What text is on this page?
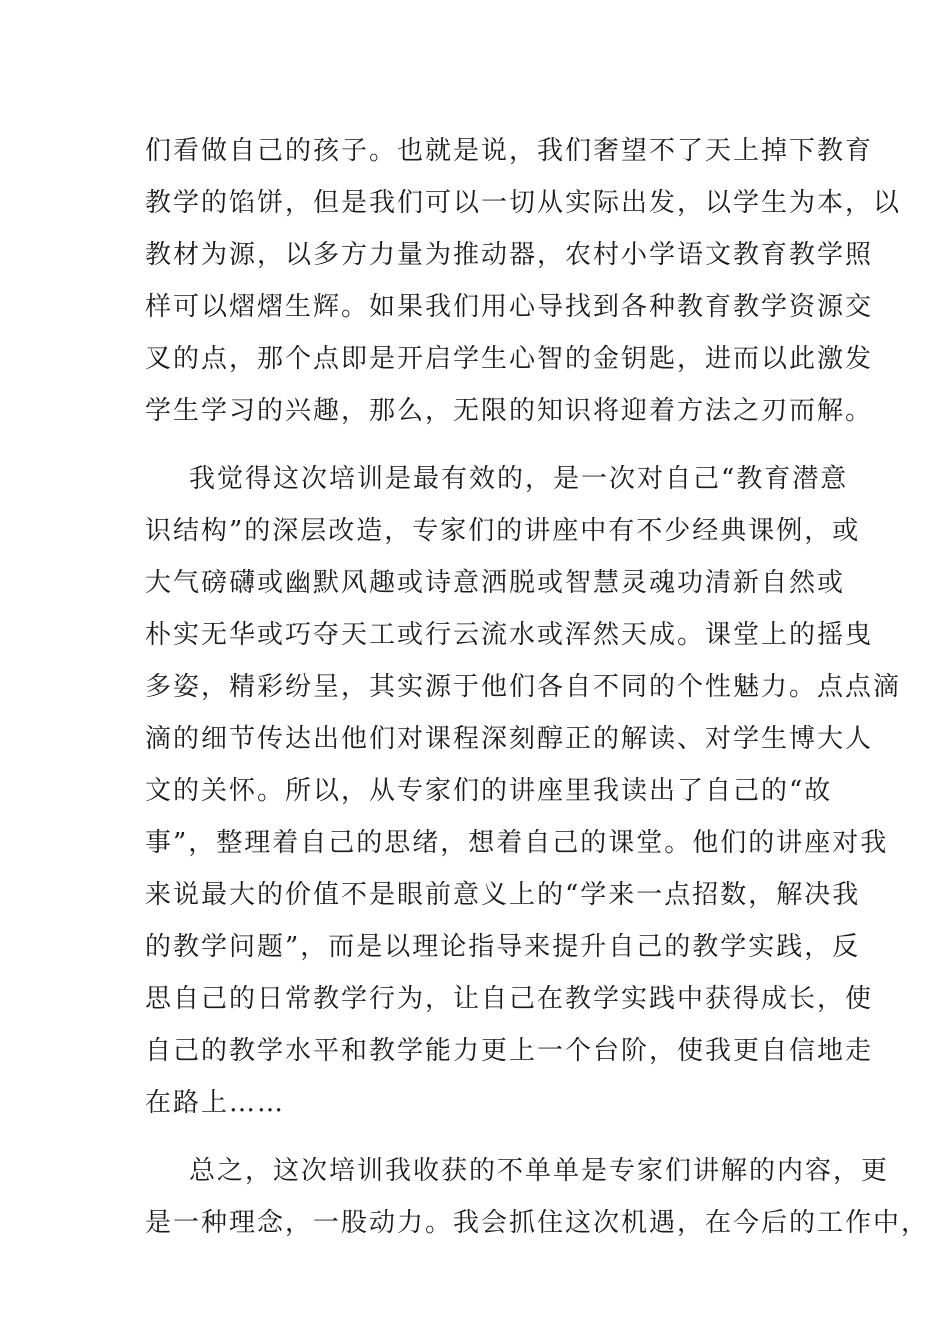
们看做自己的孩子。也就是说，我们奢望不了天上掉下教育
教学的馅饼，但是我们可以一切从实际出发，以学生为本，以
教材为源，以多方力量为推动器，农村小学语文教育教学照
样可以熠熠生辉。如果我们用心导找到各种教育教学资源交
叉的点，那个点即是开启学生心智的金钥匙，进而以此激发
学生学习的兴趣，那么，无限的知识将迎着方法之刃而解。
我觉得这次培训是最有效的，是一次对自己“教育潜意
识结构”的深层改造，专家们的讲座中有不少经典课例，或
大气磅礴或幽默风趣或诗意洒脱或智慧灵魂功清新自然或
朴实无华或巧夺天工或行云流水或浑然天成。课堂上的摇曳
多姿，精彩纷呈，其实源于他们各自不同的个性魅力。点点滴
滴的细节传达出他们对课程深刻醇正的解读、对学生博大人
文的关怀。所以，从专家们的讲座里我读出了自己的“故
事”，整理着自己的思绪，想着自己的课堂。他们的讲座对我
来说最大的价值不是眼前意义上的“学来一点招数，解决我
的教学问题”，而是以理论指导来提升自己的教学实践，反
思自己的日常教学行为，让自己在教学实践中获得成长，使
自己的教学水平和教学能力更上一个台阶，使我更自信地走
在路上……
总之，这次培训我收获的不单单是专家们讲解的内容，更
是一种理念，一股动力。我会抓住这次机遇，在今后的工作中，
